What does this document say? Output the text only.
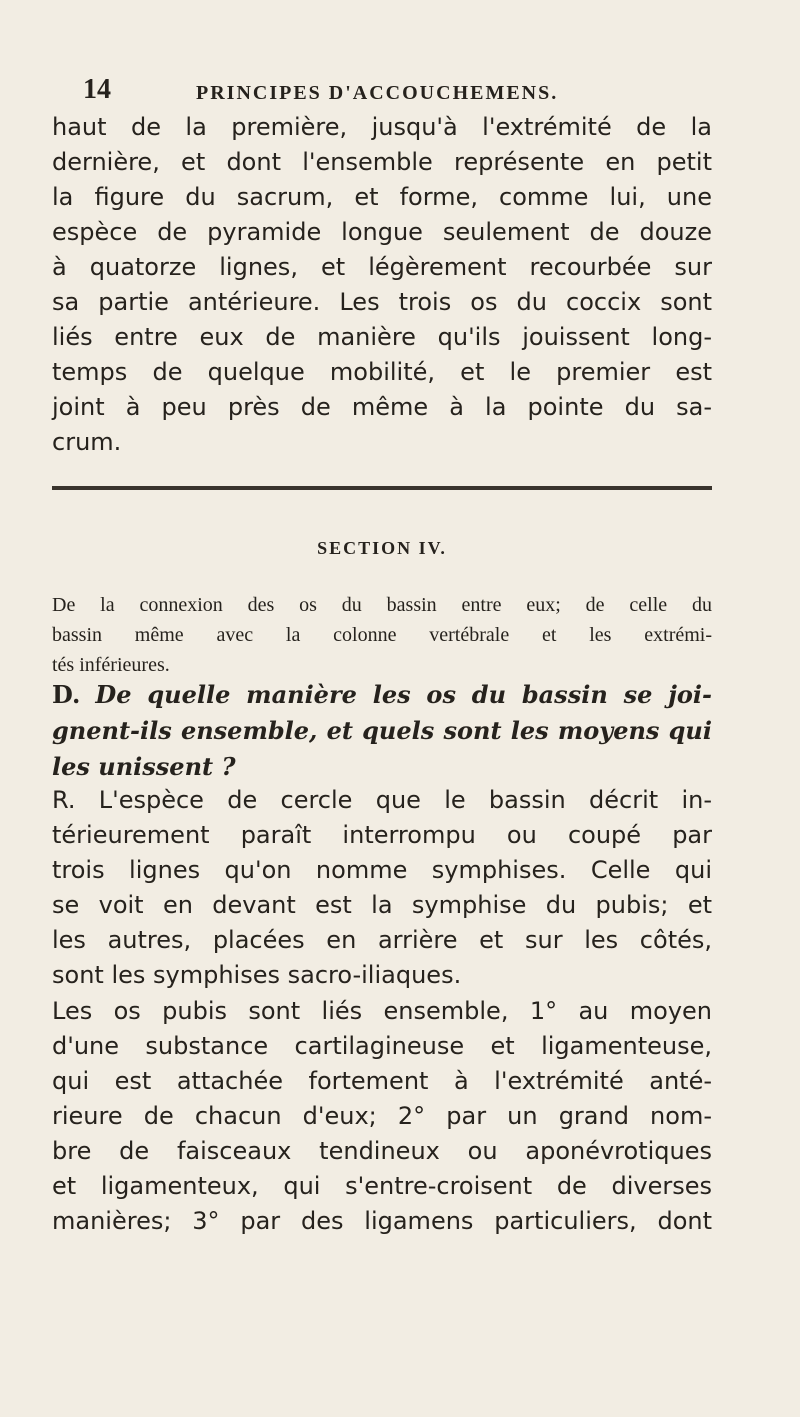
14	PRINCIPES D'ACCOUCHEMENS.

haut de la première, jusqu'à l'extrémité de la
dernière, et dont l'ensemble représente en petit
la figure du sacrum, et forme, comme lui, une
espèce de pyramide longue seulement de douze
à quatorze lignes, et légèrement recourbée sur
sa partie antérieure. Les trois os du coccix sont
liés entre eux de manière qu'ils jouissent long-
temps de quelque mobilité, et le premier est
joint à peu près de même à la pointe du sa-
crum.

SECTION IV.

De la connexion des os du bassin entre eux; de celle du
bassin même avec la colonne vertébrale et les extrémi-
tés inférieures.

D. De quelle manière les os du bassin se joi-
gnent-ils ensemble, et quels sont les moyens qui
les unissent ?

R. L'espèce de cercle que le bassin décrit in-
térieurement paraît interrompu ou coupé par
trois lignes qu'on nomme symphises. Celle qui
se voit en devant est la symphise du pubis; et
les autres, placées en arrière et sur les côtés,
sont les symphises sacro-iliaques.

Les os pubis sont liés ensemble, 1° au moyen
d'une substance cartilagineuse et ligamenteuse,
qui est attachée fortement à l'extrémité anté-
rieure de chacun d'eux; 2° par un grand nom-
bre de faisceaux tendineux ou aponévrotiques
et ligamenteux, qui s'entre-croisent de diverses
manières; 3° par des ligamens particuliers, dont
